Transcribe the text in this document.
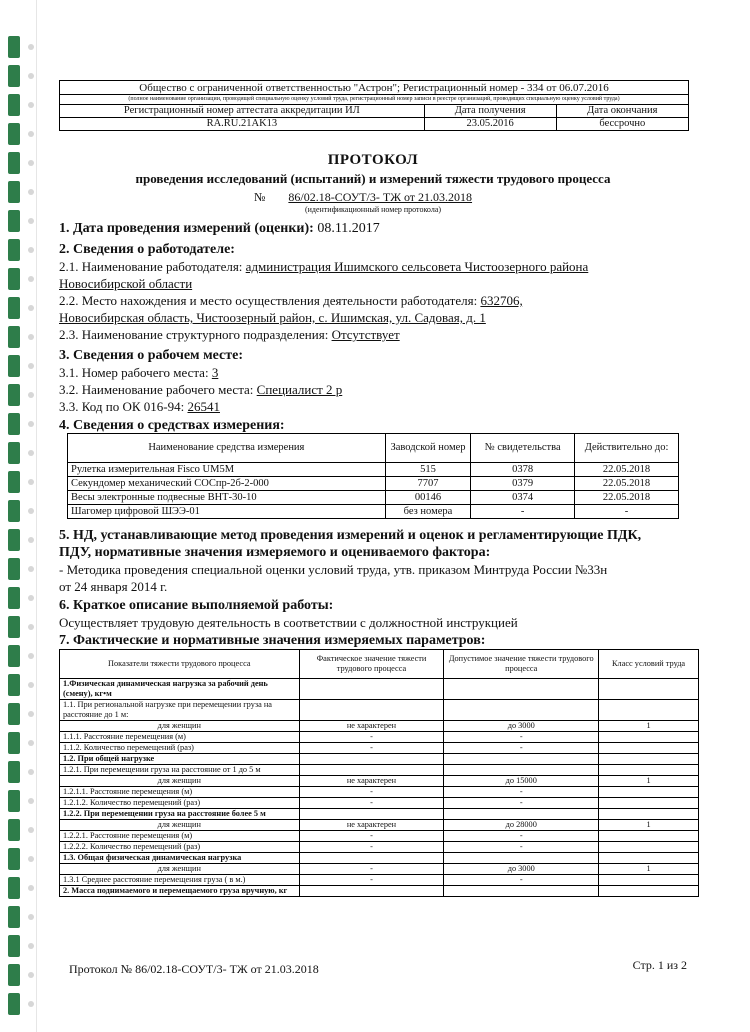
Общество с ограниченной ответственностью "Астрон"; Регистрационный номер - 334 от 06.07.2016
(полное наименование организации, проводящей специальную оценку условий труда, регистрационный номер записи в реестре организаций, проводящих специальную оценку условий труда)
Регистрационный номер аттестата аккредитации ИЛ	Дата получения	Дата окончания
RA.RU.21AK13	23.05.2016	бессрочно
ПРОТОКОЛ
проведения исследований (испытаний) и измерений тяжести трудового процесса
№ 86/02.18-СОУТ/3- ТЖ от 21.03.2018
(идентификационный номер протокола)
1. Дата проведения измерений (оценки): 08.11.2017
2. Сведения о работодателе:
2.1. Наименование работодателя: администрация Ишимского сельсовета Чистоозерного района
Новосибирской области
2.2. Место нахождения и место осуществления деятельности работодателя: 632706,
Новосибирская область, Чистоозерный район, с. Ишимская, ул. Садовая, д. 1
2.3. Наименование структурного подразделения: Отсутствует
3. Сведения о рабочем месте:
3.1. Номер рабочего места: 3
3.2. Наименование рабочего места: Специалист 2 р
3.3. Код по ОК 016-94: 26541
4. Сведения о средствах измерения:
Наименование средства измерения	Заводской номер	№ свидетельства	Действительно до:
Рулетка измерительная Fisco UM5M	515	0378	22.05.2018
Секундомер механический СОСпр-2б-2-000	7707	0379	22.05.2018
Весы электронные подвесные ВНТ-30-10	00146	0374	22.05.2018
Шагомер цифровой ШЭЭ-01	без номера	-	-
5. НД, устанавливающие метод проведения измерений и оценок и регламентирующие ПДК,
ПДУ, нормативные значения измеряемого и оцениваемого фактора:
- Методика проведения специальной оценки условий труда, утв. приказом Минтруда России №33н
от 24 января 2014 г.
6. Краткое описание выполняемой работы:
Осуществляет трудовую деятельность в соответствии с должностной инструкцией
7. Фактические и нормативные значения измеряемых параметров:
Показатели тяжести трудового процесса	Фактическое значение тяжести трудового процесса	Допустимое значение тяжести трудового процесса	Класс условий труда
1.Физическая динамическая нагрузка за рабочий день (смену), кг•м			
1.1. При региональной нагрузке при перемещении груза на расстояние до 1 м:			
для женщин	не характерен	до 3000	1
1.1.1. Расстояние перемещения (м)	-	-	
1.1.2. Количество перемещений (раз)	-	-	
1.2. При общей нагрузке			
1.2.1. При перемещении груза на расстояние от 1 до 5 м			
для женщин	не характерен	до 15000	1
1.2.1.1. Расстояние перемещения (м)	-	-	
1.2.1.2. Количество перемещений (раз)	-	-	
1.2.2. При перемещении груза на расстояние более 5 м			
для женщин	не характерен	до 28000	1
1.2.2.1. Расстояние перемещения (м)	-	-	
1.2.2.2. Количество перемещений (раз)	-	-	
1.3. Общая физическая динамическая нагрузка			
для женщин	-	до 3000	1
1.3.1 Среднее расстояние перемещения груза ( в м.)	-	-	
2. Масса поднимаемого и перемещаемого груза вручную, кг			
Протокол № 86/02.18-СОУТ/3- ТЖ от 21.03.2018	Стр. 1 из 2
